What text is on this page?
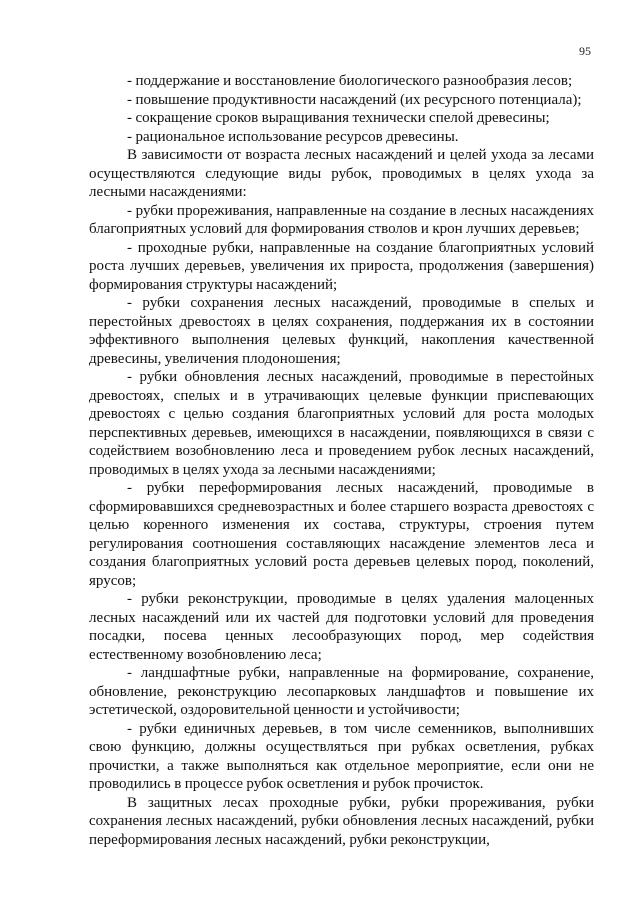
95

- поддержание и восстановление биологического разнообразия лесов;

- повышение продуктивности насаждений (их ресурсного потенциала);

- сокращение сроков выращивания технически спелой древесины;

- рациональное использование ресурсов древесины.

В зависимости от возраста лесных насаждений и целей ухода за лесами осуществляются следующие виды рубок, проводимых в целях ухода за лесными насаждениями:

- рубки прореживания, направленные на создание в лесных насаждениях благоприятных условий для формирования стволов и крон лучших деревьев;

- проходные рубки, направленные на создание благоприятных условий роста лучших деревьев, увеличения их прироста, продолжения (завершения) формирования структуры насаждений;

- рубки сохранения лесных насаждений, проводимые в спелых и перестойных древостоях в целях сохранения, поддержания их в состоянии эффективного выполнения целевых функций, накопления качественной древесины, увеличения плодоношения;

- рубки обновления лесных насаждений, проводимые в перестойных древостоях, спелых и в утрачивающих целевые функции приспевающих древостоях с целью создания благоприятных условий для роста молодых перспективных деревьев, имеющихся в насаждении, появляющихся в связи с содействием возобновлению леса и проведением рубок лесных насаждений, проводимых в целях ухода за лесными насаждениями;

- рубки переформирования лесных насаждений, проводимые в сформировавшихся средневозрастных и более старшего возраста древостоях с целью коренного изменения их состава, структуры, строения путем регулирования соотношения составляющих насаждение элементов леса и создания благоприятных условий роста деревьев целевых пород, поколений, ярусов;

- рубки реконструкции, проводимые в целях удаления малоценных лесных насаждений или их частей для подготовки условий для проведения посадки, посева ценных лесообразующих пород, мер содействия естественному возобновлению леса;

- ландшафтные рубки, направленные на формирование, сохранение, обновление, реконструкцию лесопарковых ландшафтов и повышение их эстетической, оздоровительной ценности и устойчивости;

- рубки единичных деревьев, в том числе семенников, выполнивших свою функцию, должны осуществляться при рубках осветления, рубках прочистки, а также выполняться как отдельное мероприятие, если они не проводились в процессе рубок осветления и рубок прочисток.

В защитных лесах проходные рубки, рубки прореживания, рубки сохранения лесных насаждений, рубки обновления лесных насаждений, рубки переформирования лесных насаждений, рубки реконструкции,
